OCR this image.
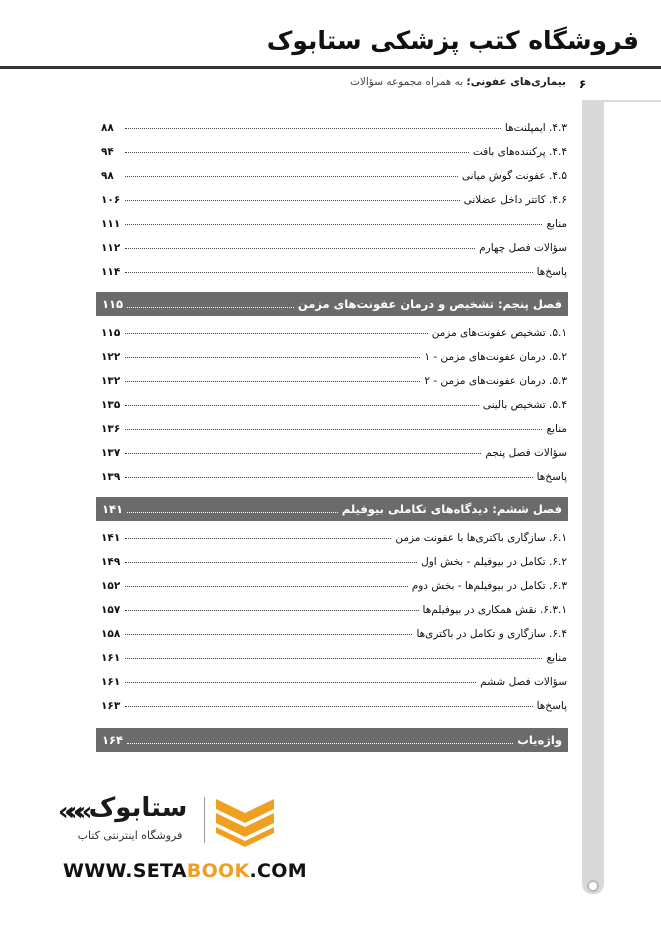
فروشگاه کتب پزشکی ستابوک
بیماری‌های عفونی؛ به همراه مجموعه سؤالات	۶
۴.۳. ایمپلنت‌ها
۸۸
۴.۴. پرکننده‌های بافت
۹۴
۴.۵. عفونت گوش میانی
۹۸
۴.۶. کاتتر داخل عضلانی
۱۰۶
منابع
۱۱۱
سؤالات فصل چهارم
۱۱۲
پاسخ‌ها
۱۱۴
فصل پنجم: تشخیص و درمان عفونت‌های مزمن
۱۱۵
۵.۱. تشخیص عفونت‌های مزمن
۱۱۵
۵.۲. درمان عفونت‌های مزمن - ۱
۱۲۲
۵.۳. درمان عفونت‌های مزمن - ۲
۱۳۲
۵.۴. تشخیص بالینی
۱۳۵
منابع
۱۳۶
سؤالات فصل پنجم
۱۳۷
پاسخ‌ها
۱۳۹
فصل ششم: دیدگاه‌های تکاملی بیوفیلم
۱۴۱
۶.۱. سازگاری باکتری‌ها با عفونت مزمن
۱۴۱
۶.۲. تکامل در بیوفیلم - بخش اول
۱۴۹
۶.۳. تکامل در بیوفیلم‌ها - بخش دوم
۱۵۲
۶.۳.۱. نقش همکاری در بیوفیلم‌ها
۱۵۷
۶.۴. سازگاری و تکامل در باکتری‌ها
۱۵۸
منابع
۱۶۱
سؤالات فصل ششم
۱۶۱
پاسخ‌ها
۱۶۳
واژه‌یاب
۱۶۴
««« ستابوک
فروشگاه اینترنتی کتاب
WWW.SETABOOK.COM
